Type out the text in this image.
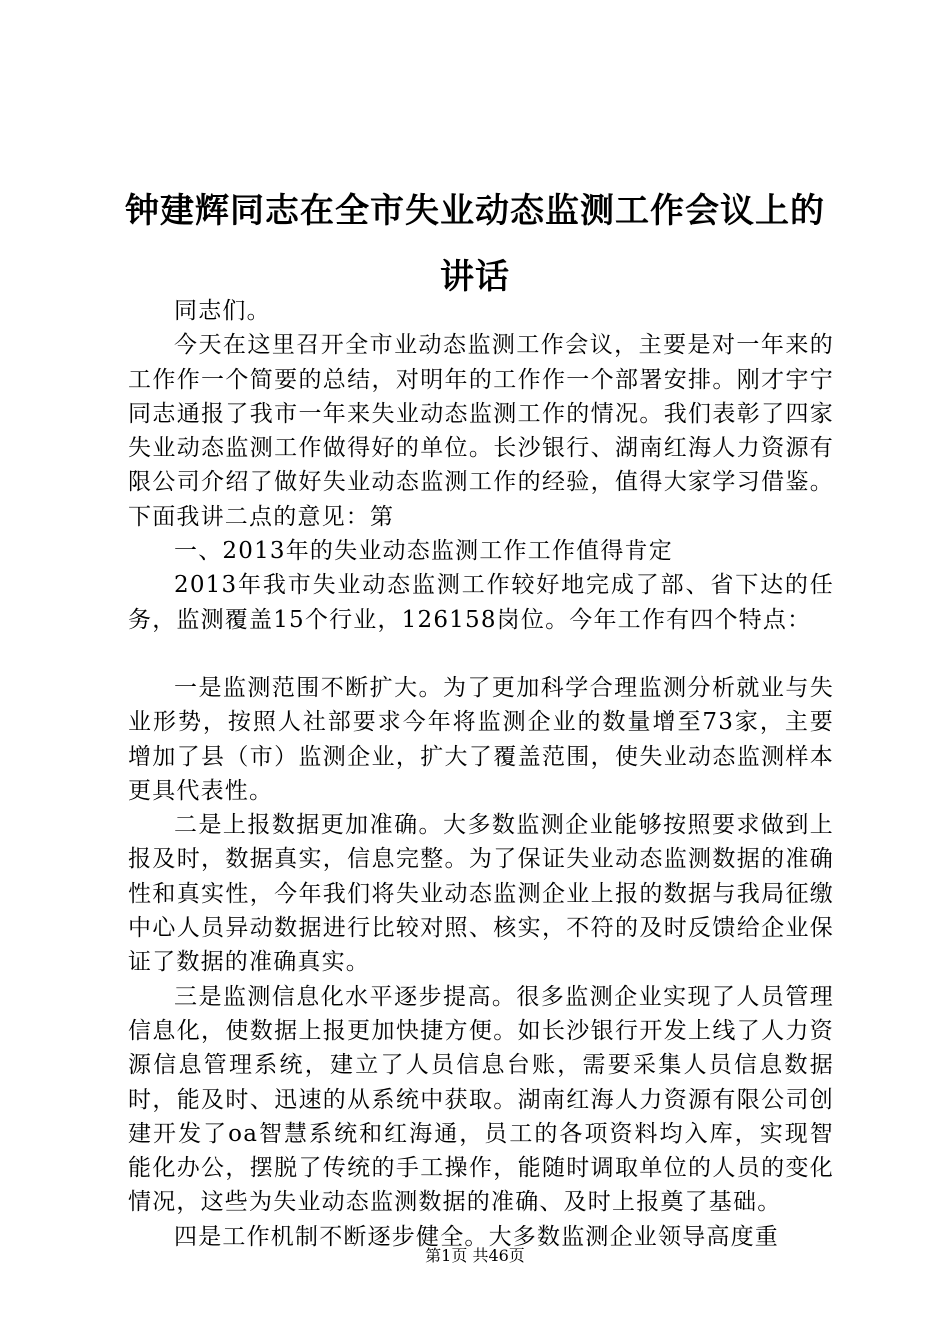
钟建辉同志在全市失业动态监测工作会议上的
讲话

同志们。

今天在这里召开全市业动态监测工作会议，主要是对一年来的工作作一个简要的总结，对明年的工作作一个部署安排。刚才宇宁同志通报了我市一年来失业动态监测工作的情况。我们表彰了四家失业动态监测工作做得好的单位。长沙银行、湖南红海人力资源有限公司介绍了做好失业动态监测工作的经验，值得大家学习借鉴。下面我讲二点的意见：第

一、2013年的失业动态监测工作工作值得肯定

2013年我市失业动态监测工作较好地完成了部、省下达的任务，监测覆盖15个行业，126158岗位。今年工作有四个特点：

一是监测范围不断扩大。为了更加科学合理监测分析就业与失业形势，按照人社部要求今年将监测企业的数量增至73家，主要增加了县（市）监测企业，扩大了覆盖范围，使失业动态监测样本更具代表性。

二是上报数据更加准确。大多数监测企业能够按照要求做到上报及时，数据真实，信息完整。为了保证失业动态监测数据的准确性和真实性，今年我们将失业动态监测企业上报的数据与我局征缴中心人员异动数据进行比较对照、核实，不符的及时反馈给企业保证了数据的准确真实。

三是监测信息化水平逐步提高。很多监测企业实现了人员管理信息化，使数据上报更加快捷方便。如长沙银行开发上线了人力资源信息管理系统，建立了人员信息台账，需要采集人员信息数据时，能及时、迅速的从系统中获取。湖南红海人力资源有限公司创建开发了oa智慧系统和红海通，员工的各项资料均入库，实现智能化办公，摆脱了传统的手工操作，能随时调取单位的人员的变化情况，这些为失业动态监测数据的准确、及时上报奠了基础。

四是工作机制不断逐步健全。大多数监测企业领导高度重

第1页 共46页
